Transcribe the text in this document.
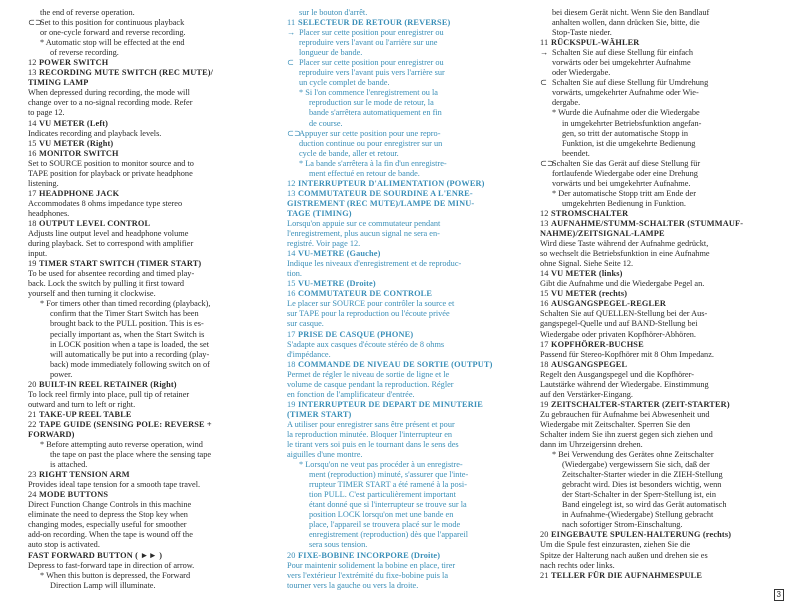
the end of reverse operation.
⊂⊃Set to this position for continuous playback
or one-cycle forward and reverse recording.
* Automatic stop will be effected at the end
of reverse recording.
12 POWER SWITCH
13 RECORDING MUTE SWITCH (REC MUTE)/
TIMING LAMP
When depressed during recording, the mode will
change over to a no-signal recording mode. Refer
to page 12.
14 VU METER (Left)
Indicates recording and playback levels.
15 VU METER (Right)
16 MONITOR SWITCH
Set to SOURCE position to monitor source and to
TAPE position for playback or private headphone
listening.
17 HEADPHONE JACK
Accommodates 8 ohms impedance type stereo
headphones.
18 OUTPUT LEVEL CONTROL
Adjusts line output level and headphone volume
during playback. Set to correspond with amplifier
input.
19 TIMER START SWITCH (TIMER START)
To be used for absentee recording and timed play-
back. Lock the switch by pulling it first toward
yourself and then turning it clockwise.
* For timers other than timed recording (playback),
confirm that the Timer Start Switch has been
brought back to the PULL position. This is es-
pecially important as, when the Start Switch is
in LOCK position when a tape is loaded, the set
will automatically be put into a recording (play-
back) mode immediately following switch on of
power.
20 BUILT-IN REEL RETAINER (Right)
To lock reel firmly into place, pull tip of retainer
outward and turn to left or right.
21 TAKE-UP REEL TABLE
22 TAPE GUIDE (SENSING POLE: REVERSE +
FORWARD)
* Before attempting auto reverse operation, wind
the tape on past the place where the sensing tape
is attached.
23 RIGHT TENSION ARM
Provides ideal tape tension for a smooth tape travel.
24 MODE BUTTONS
Direct Function Change Controls in this machine
eliminate the need to depress the Stop key when
changing modes, especially useful for smoother
add-on recording. When the tape is wound off the
auto stop is activated.
FAST FORWARD BUTTON ( ►► )
Depress to fast-forward tape in direction of arrow.
* When this button is depressed, the Forward
Direction Lamp will illuminate.
sur le bouton d'arrêt.
11 SELECTEUR DE RETOUR (REVERSE)
→ Placer sur cette position pour enregistrer ou
reproduire vers l'avant ou l'arrière sur une
longueur de bande.
⊂ Placer sur cette position pour enregistrer ou
reproduire vers l'avant puis vers l'arrière sur
un cycle complet de bande.
* Si l'on commence l'enregistrement ou la
reproduction sur le mode de retour, la
bande s'arrêtera automatiquement en fin
de course.
⊂⊃Appuyer sur cette position pour une repro-
duction continue ou pour enregistrer sur un
cycle de bande, aller et retour.
* La bande s'arrêtera à la fin d'un enregistre-
ment effectué en retour de bande.
12 INTERRUPTEUR D'ALIMENTATION (POWER)
13 COMMUTATEUR DE SOURDINE A L'ENRE-
GISTREMENT (REC MUTE)/LAMPE DE MINU-
TAGE (TIMING)
Lorsqu'on appuie sur ce commutateur pendant
l'enregistrement, plus aucun signal ne sera en-
registré. Voir page 12.
14 VU-METRE (Gauche)
Indique les niveaux d'enregistrement et de reproduc-
tion.
15 VU-METRE (Droite)
16 COMMUTATEUR DE CONTROLE
Le placer sur SOURCE pour contrôler la source et
sur TAPE pour la reproduction ou l'écoute privée
sur casque.
17 PRISE DE CASQUE (PHONE)
S'adapte aux casques d'écoute stéréo de 8 ohms
d'impédance.
18 COMMANDE DE NIVEAU DE SORTIE (OUTPUT)
Permet de régler le niveau de sortie de ligne et le
volume de casque pendant la reproduction. Régler
en fonction de l'amplificateur d'entrée.
19 INTERRUPTEUR DE DEPART DE MINUTERIE
(TIMER START)
A utiliser pour enregistrer sans être présent et pour
la reproduction minutée. Bloquer l'interrupteur en
le tirant vers soi puis en le tournant dans le sens des
aiguilles d'une montre.
* Lorsqu'on ne veut pas procéder à un enregistre-
ment (reproduction) minuté, s'assurer que l'inte-
rrupteur TIMER START a été ramené à la posi-
tion PULL. C'est particulièrement important
étant donné que si l'interrupteur se trouve sur la
position LOCK lorsqu'on met une bande en
place, l'appareil se trouvera placé sur le mode
enregistrement (reproduction) dès que l'appareil
sera sous tension.
20 FIXE-BOBINE INCORPORE (Droite)
Pour maintenir solidement la bobine en place, tirer
vers l'extérieur l'extrémité du fixe-bobine puis la
tourner vers la gauche ou vers la droite.
bei diesem Gerät nicht. Wenn Sie den Bandlauf
anhalten wollen, dann drücken Sie, bitte, die
Stop-Taste nieder.
11 RÜCKSPUL-WÄHLER
→ Schalten Sie auf diese Stellung für einfach
vorwärts oder bei umgekehrter Aufnahme
oder Wiedergabe.
⊂ Schalten Sie auf diese Stellung für Umdrehung
vorwärts, umgekehrter Aufnahme oder Wie-
dergabe.
* Wurde die Aufnahme oder die Wiedergabe
in umgekehrter Betriebsfunktion angefan-
gen, so tritt der automatische Stopp in
Funktion, ist die umgekehrte Bedienung
beendet.
⊂⊃Schalten Sie das Gerät auf diese Stellung für
fortlaufende Wiedergabe oder eine Drehung
vorwärts und bei umgekehrter Aufnahme.
* Der automatische Stopp tritt am Ende der
umgekehrten Bedienung in Funktion.
12 STROMSCHALTER
13 AUFNAHME/STUMM-SCHALTER (STUMMAUF-
NAHME)/ZEITSIGNAL-LAMPE
Wird diese Taste während der Aufnahme gedrückt,
so wechselt die Betriebsfunktion in eine Aufnahme
ohne Signal. Siehe Seite 12.
14 VU METER (links)
Gibt die Aufnahme und die Wiedergabe Pegel an.
15 VU METER (rechts)
16 AUSGANGSPEGEL-REGLER
Schalten Sie auf QUELLEN-Stellung bei der Aus-
gangspegel-Quelle und auf BAND-Stellung bei
Wiedergabe oder privaten Kopfhörer-Abhören.
17 KOPFHÖRER-BUCHSE
Passend für Stereo-Kopfhörer mit 8 Ohm Impedanz.
18 AUSGANGSPEGEL
Regelt den Ausgangspegel und die Kopfhörer-
Lautstärke während der Wiedergabe. Einstimmung
auf den Verstärker-Eingang.
19 ZEITSCHALTER-STARTER (ZEIT-STARTER)
Zu gebrauchen für Aufnahme bei Abwesenheit und
Wiedergabe mit Zeitschalter. Sperren Sie den
Schalter indem Sie ihn zuerst gegen sich ziehen und
dann im Uhrzeigersinn drehen.
* Bei Verwendung des Gerätes ohne Zeitschalter
(Wiedergabe) vergewissern Sie sich, daß der
Zeitschalter-Starter wieder in die ZIEH-Stellung
gebracht wird. Dies ist besonders wichtig, wenn
der Start-Schalter in der Sperr-Stellung ist, ein
Band eingelegt ist, so wird das Gerät automatisch
in Aufnahme-(Wiedergabe) Stellung gebracht
nach sofortiger Strom-Einschaltung.
20 EINGEBAUTE SPULEN-HALTERUNG (rechts)
Um die Spule fest einzurasten, ziehen Sie die
Spitze der Halterung nach außen und drehen sie es
nach rechts oder links.
21 TELLER FÜR DIE AUFNAHMESPULE
3
